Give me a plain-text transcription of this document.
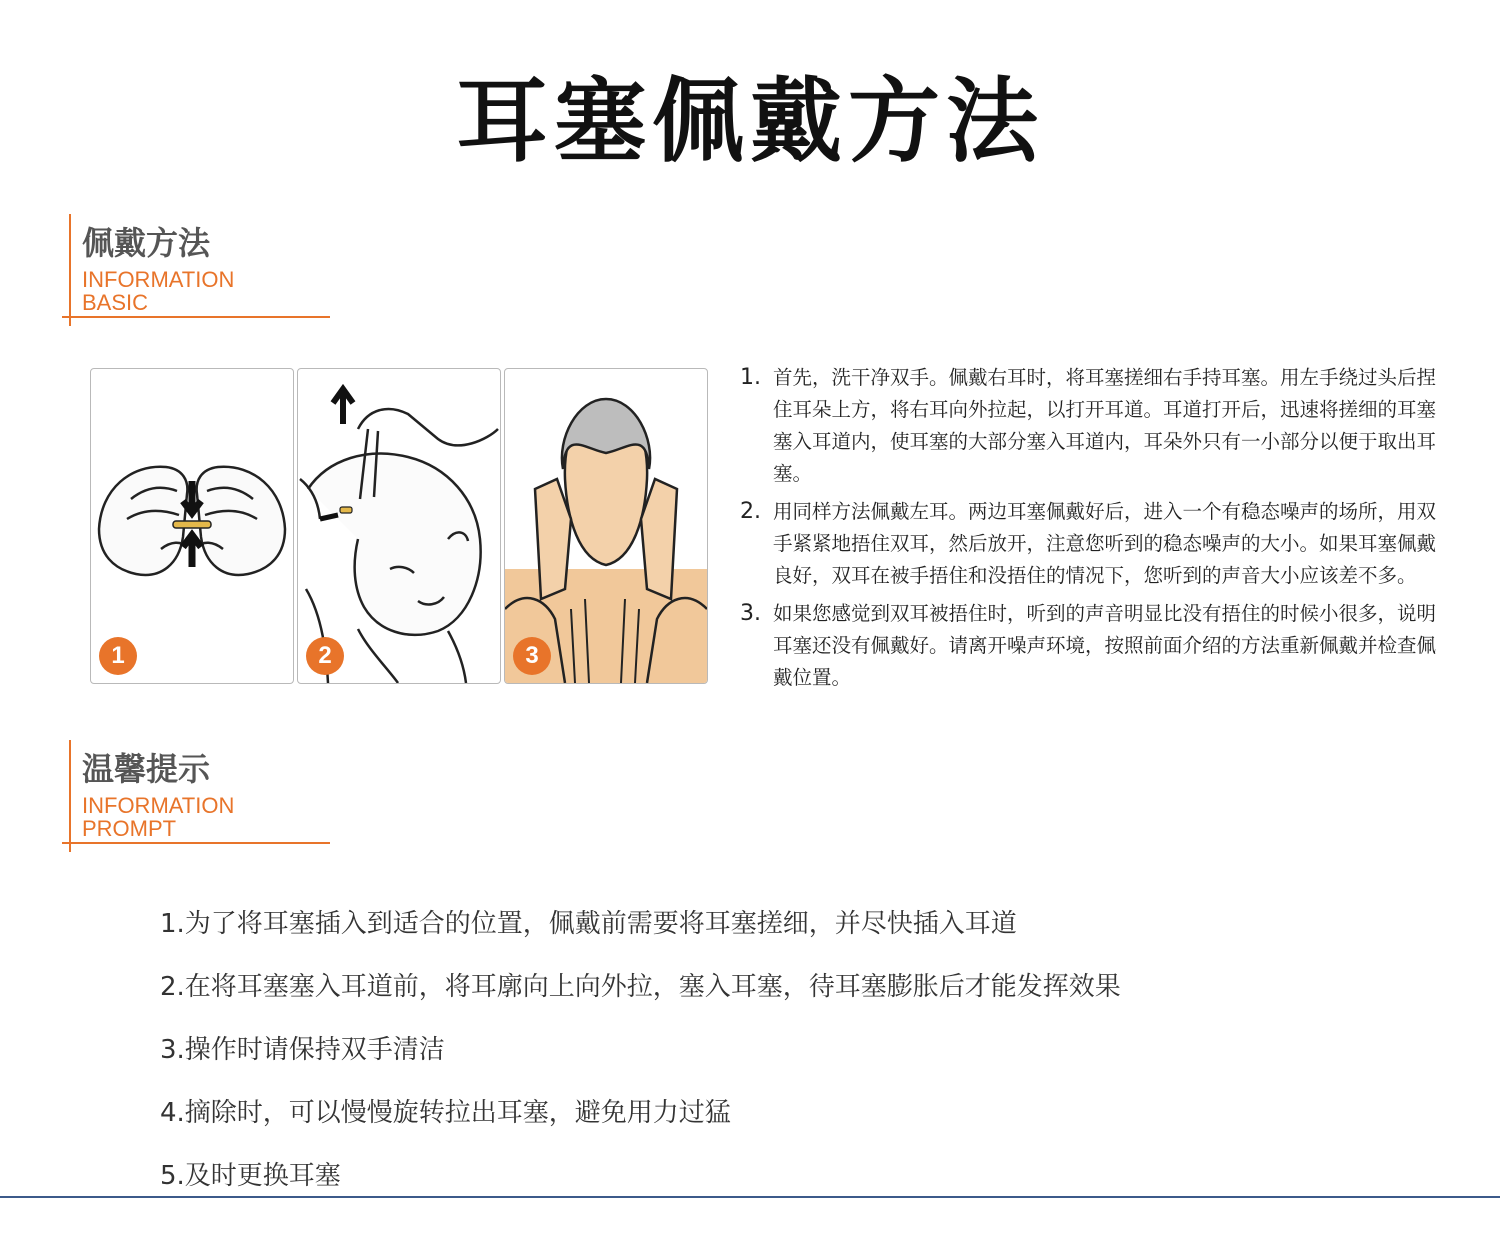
耳塞佩戴方法
佩戴方法
INFORMATION
BASIC
1	2	3
1. 首先，洗干净双手。佩戴右耳时，将耳塞搓细右手持耳塞。用左手绕过头后捏住耳朵上方，将右耳向外拉起，以打开耳道。耳道打开后，迅速将搓细的耳塞塞入耳道内，使耳塞的大部分塞入耳道内，耳朵外只有一小部分以便于取出耳塞。
2. 用同样方法佩戴左耳。两边耳塞佩戴好后，进入一个有稳态噪声的场所，用双手紧紧地捂住双耳，然后放开，注意您听到的稳态噪声的大小。如果耳塞佩戴良好，双耳在被手捂住和没捂住的情况下，您听到的声音大小应该差不多。
3. 如果您感觉到双耳被捂住时，听到的声音明显比没有捂住的时候小很多，说明耳塞还没有佩戴好。请离开噪声环境，按照前面介绍的方法重新佩戴并检查佩戴位置。
温馨提示
INFORMATION
PROMPT
1.为了将耳塞插入到适合的位置，佩戴前需要将耳塞搓细，并尽快插入耳道
2.在将耳塞塞入耳道前，将耳廓向上向外拉，塞入耳塞，待耳塞膨胀后才能发挥效果
3.操作时请保持双手清洁
4.摘除时，可以慢慢旋转拉出耳塞，避免用力过猛
5.及时更换耳塞
